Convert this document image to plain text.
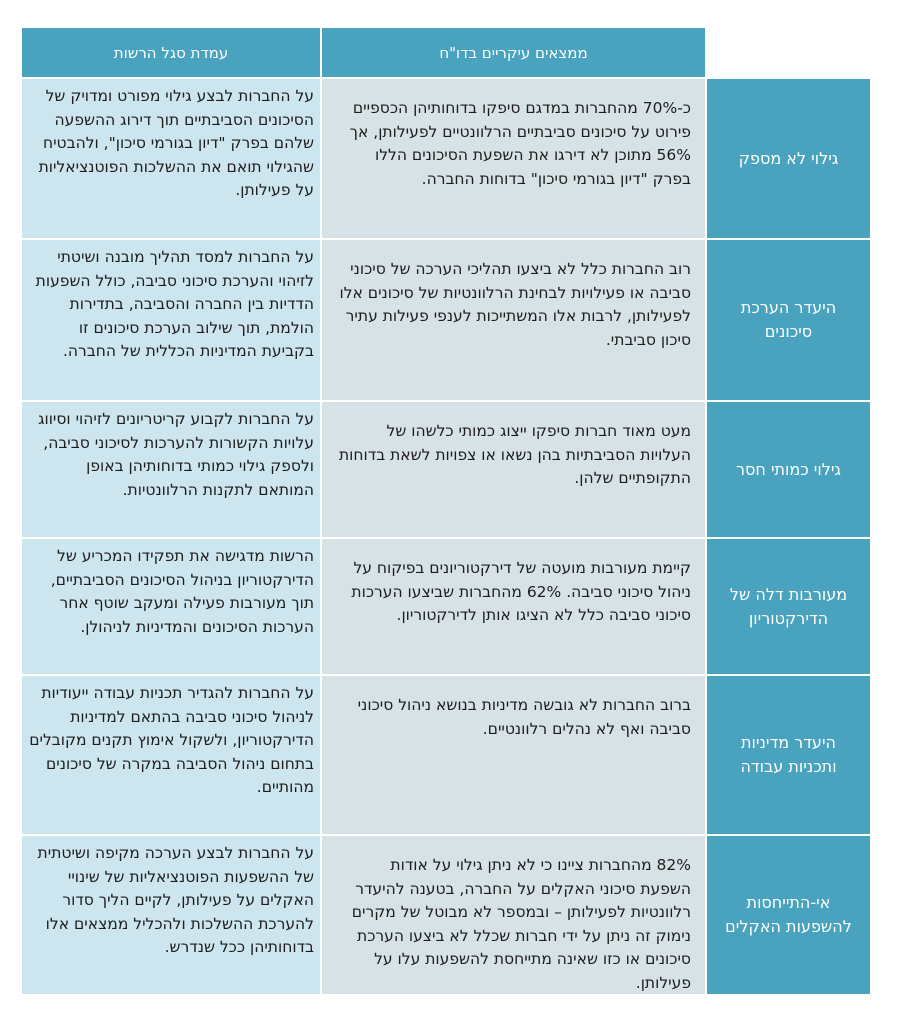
עמדת סגל הרשות	ממצאים עיקריים בדו"ח
על החברות לבצע גילוי מפורט ומדויק של הסיכונים הסביבתיים תוך דירוג ההשפעה שלהם בפרק "דיון בגורמי סיכון", ולהבטיח שהגילוי תואם את ההשלכות הפוטנציאליות על פעילותן.
כ-70% מהחברות במדגם סיפקו בדוחותיהן הכספיים פירוט על סיכונים סביבתיים הרלוונטיים לפעילותן, אך 56% מתוכן לא דירגו את השפעת הסיכונים הללו בפרק "דיון בגורמי סיכון" בדוחות החברה.
גילוי לא מספק
על החברות למסד תהליך מובנה ושיטתי לזיהוי והערכת סיכוני סביבה, כולל השפעות הדדיות בין החברה והסביבה, בתדירות הולמת, תוך שילוב הערכת סיכונים זו בקביעת המדיניות הכללית של החברה.
רוב החברות כלל לא ביצעו תהליכי הערכה של סיכוני סביבה או פעילויות לבחינת הרלוונטיות של סיכונים אלו לפעילותן, לרבות אלו המשתייכות לענפי פעילות עתיר סיכון סביבתי.
היעדר הערכת סיכונים
על החברות לקבוע קריטריונים לזיהוי וסיווג עלויות הקשורות להערכות לסיכוני סביבה, ולספק גילוי כמותי בדוחותיהן באופן המותאם לתקנות הרלוונטיות.
מעט מאוד חברות סיפקו ייצוג כמותי כלשהו של העלויות הסביבתיות בהן נשאו או צפויות לשאת בדוחות התקופתיים שלהן.	גילוי כמותי חסר
הרשות מדגישה את תפקידו המכריע של הדירקטוריון בניהול הסיכונים הסביבתיים, תוך מעורבות פעילה ומעקב שוטף אחר הערכות הסיכונים והמדיניות לניהולן.
קיימת מעורבות מועטה של דירקטוריונים בפיקוח על ניהול סיכוני סביבה. 62% מהחברות שביצעו הערכות סיכוני סביבה כלל לא הציגו אותן לדירקטוריון.
מעורבות דלה של הדירקטוריון
על החברות להגדיר תכניות עבודה ייעודיות לניהול סיכוני סביבה בהתאם למדיניות הדירקטוריון, ולשקול אימוץ תקנים מקובלים בתחום ניהול הסביבה במקרה של סיכונים מהותיים.
ברוב החברות לא גובשה מדיניות בנושא ניהול סיכוני סביבה ואף לא נהלים רלוונטיים.
היעדר מדיניות ותכניות עבודה
על החברות לבצע הערכה מקיפה ושיטתית של ההשפעות הפוטנציאליות של שינויי האקלים על פעילותן, לקיים הליך סדור להערכת ההשלכות ולהכליל ממצאים אלו בדוחותיהן ככל שנדרש.
82% מהחברות ציינו כי לא ניתן גילוי על אודות השפעת סיכוני האקלים על החברה, בטענה להיעדר רלוונטיות לפעילותן – ובמספר לא מבוטל של מקרים נימוק זה ניתן על ידי חברות שכלל לא ביצעו הערכת סיכונים או כזו שאינה מתייחסת להשפעות עלו על פעילותן.
אי-התייחסות להשפעות האקלים
